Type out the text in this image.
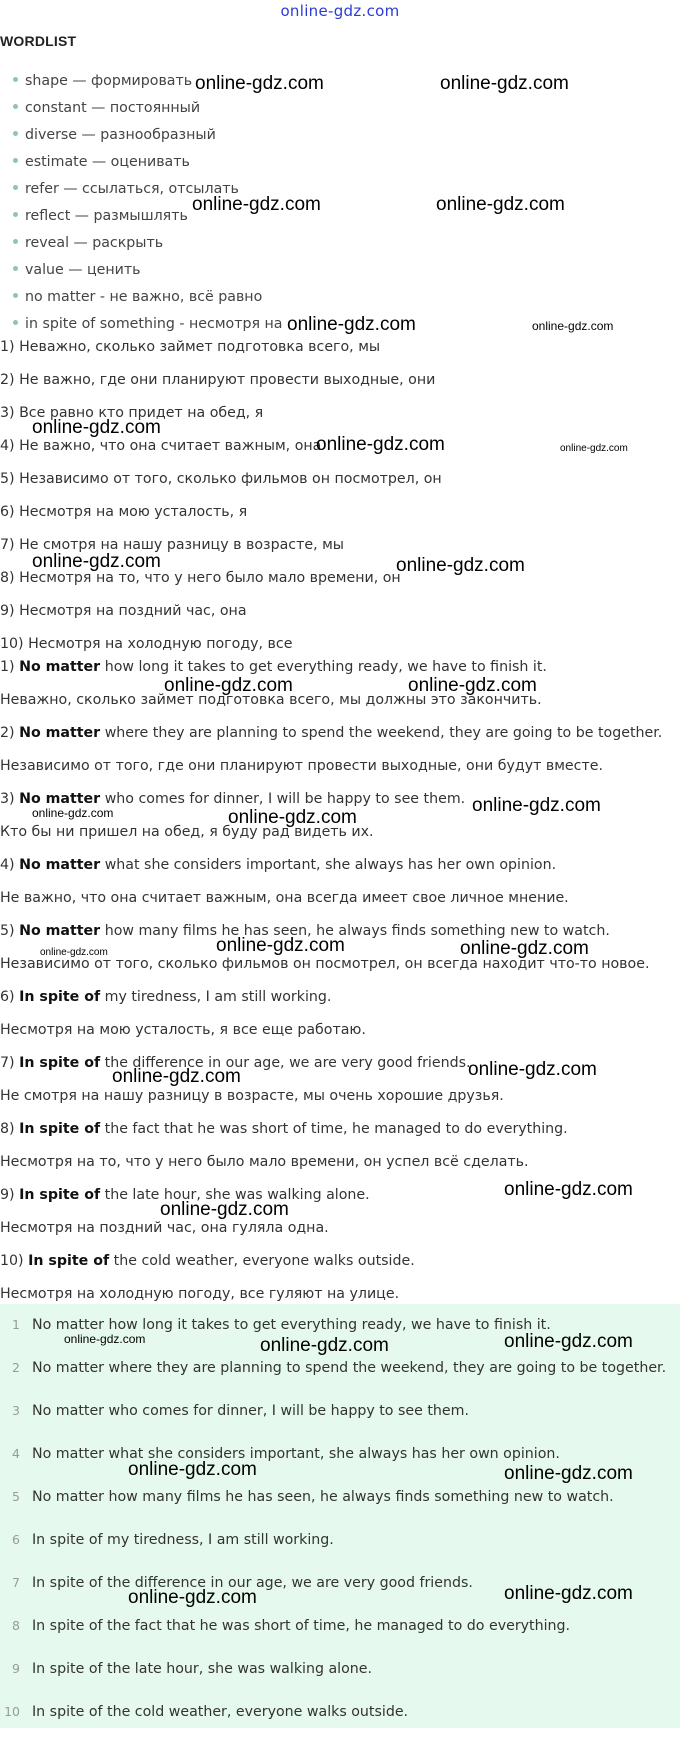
online-gdz.com
WORDLIST
shape — формировать
constant — постоянный
diverse — разнообразный
estimate — оценивать
refer — ссылаться, отсылать
reflect — размышлять
reveal — раскрыть
value — ценить
no matter - не важно, всё равно
in spite of something - несмотря на
1) Неважно, сколько займет подготовка всего, мы
2) Не важно, где они планируют провести выходные, они
3) Все равно кто придет на обед, я
4) Не важно, что она считает важным, она
5) Независимо от того, сколько фильмов он посмотрел, он
6) Несмотря на мою усталость, я
7) Не смотря на нашу разницу в возрасте, мы
8) Несмотря на то, что у него было мало времени, он
9) Несмотря на поздний час, она
10) Несмотря на холодную погоду, все
1) No matter how long it takes to get everything ready, we have to finish it.
Неважно, сколько займет подготовка всего, мы должны это закончить.
2) No matter where they are planning to spend the weekend, they are going to be together.
Независимо от того, где они планируют провести выходные, они будут вместе.
3) No matter who comes for dinner, I will be happy to see them.
Кто бы ни пришел на обед, я буду рад видеть их.
4) No matter what she considers important, she always has her own opinion.
Не важно, что она считает важным, она всегда имеет свое личное мнение.
5) No matter how many films he has seen, he always finds something new to watch.
Независимо от того, сколько фильмов он посмотрел, он всегда находит что-то новое.
6) In spite of my tiredness, I am still working.
Несмотря на мою усталость, я все еще работаю.
7) In spite of the difference in our age, we are very good friends.
Не смотря на нашу разницу в возрасте, мы очень хорошие друзья.
8) In spite of the fact that he was short of time, he managed to do everything.
Несмотря на то, что у него было мало времени, он успел всё сделать.
9) In spite of the late hour, she was walking alone.
Несмотря на поздний час, она гуляла одна.
10) In spite of the cold weather, everyone walks outside.
Несмотря на холодную погоду, все гуляют на улице.
1 No matter how long it takes to get everything ready, we have to finish it.
2 No matter where they are planning to spend the weekend, they are going to be together.
3 No matter who comes for dinner, I will be happy to see them.
4 No matter what she considers important, she always has her own opinion.
5 No matter how many films he has seen, he always finds something new to watch.
6 In spite of my tiredness, I am still working.
7 In spite of the difference in our age, we are very good friends.
8 In spite of the fact that he was short of time, he managed to do everything.
9 In spite of the late hour, she was walking alone.
10 In spite of the cold weather, everyone walks outside.
online-gdz.com	online-gdz.com
online-gdz.com	online-gdz.com
online-gdz.com	online-gdz.com
online-gdz.com
online-gdz.com	online-gdz.com
online-gdz.com	online-gdz.com
online-gdz.com	online-gdz.com
online-gdz.com
online-gdz.com	online-gdz.com
online-gdz.com	online-gdz.com
online-gdz.com
online-gdz.com
online-gdz.com
online-gdz.com
online-gdz.com
online-gdz.com	online-gdz.com	online-gdz.com
online-gdz.com	online-gdz.com
online-gdz.com	online-gdz.com
